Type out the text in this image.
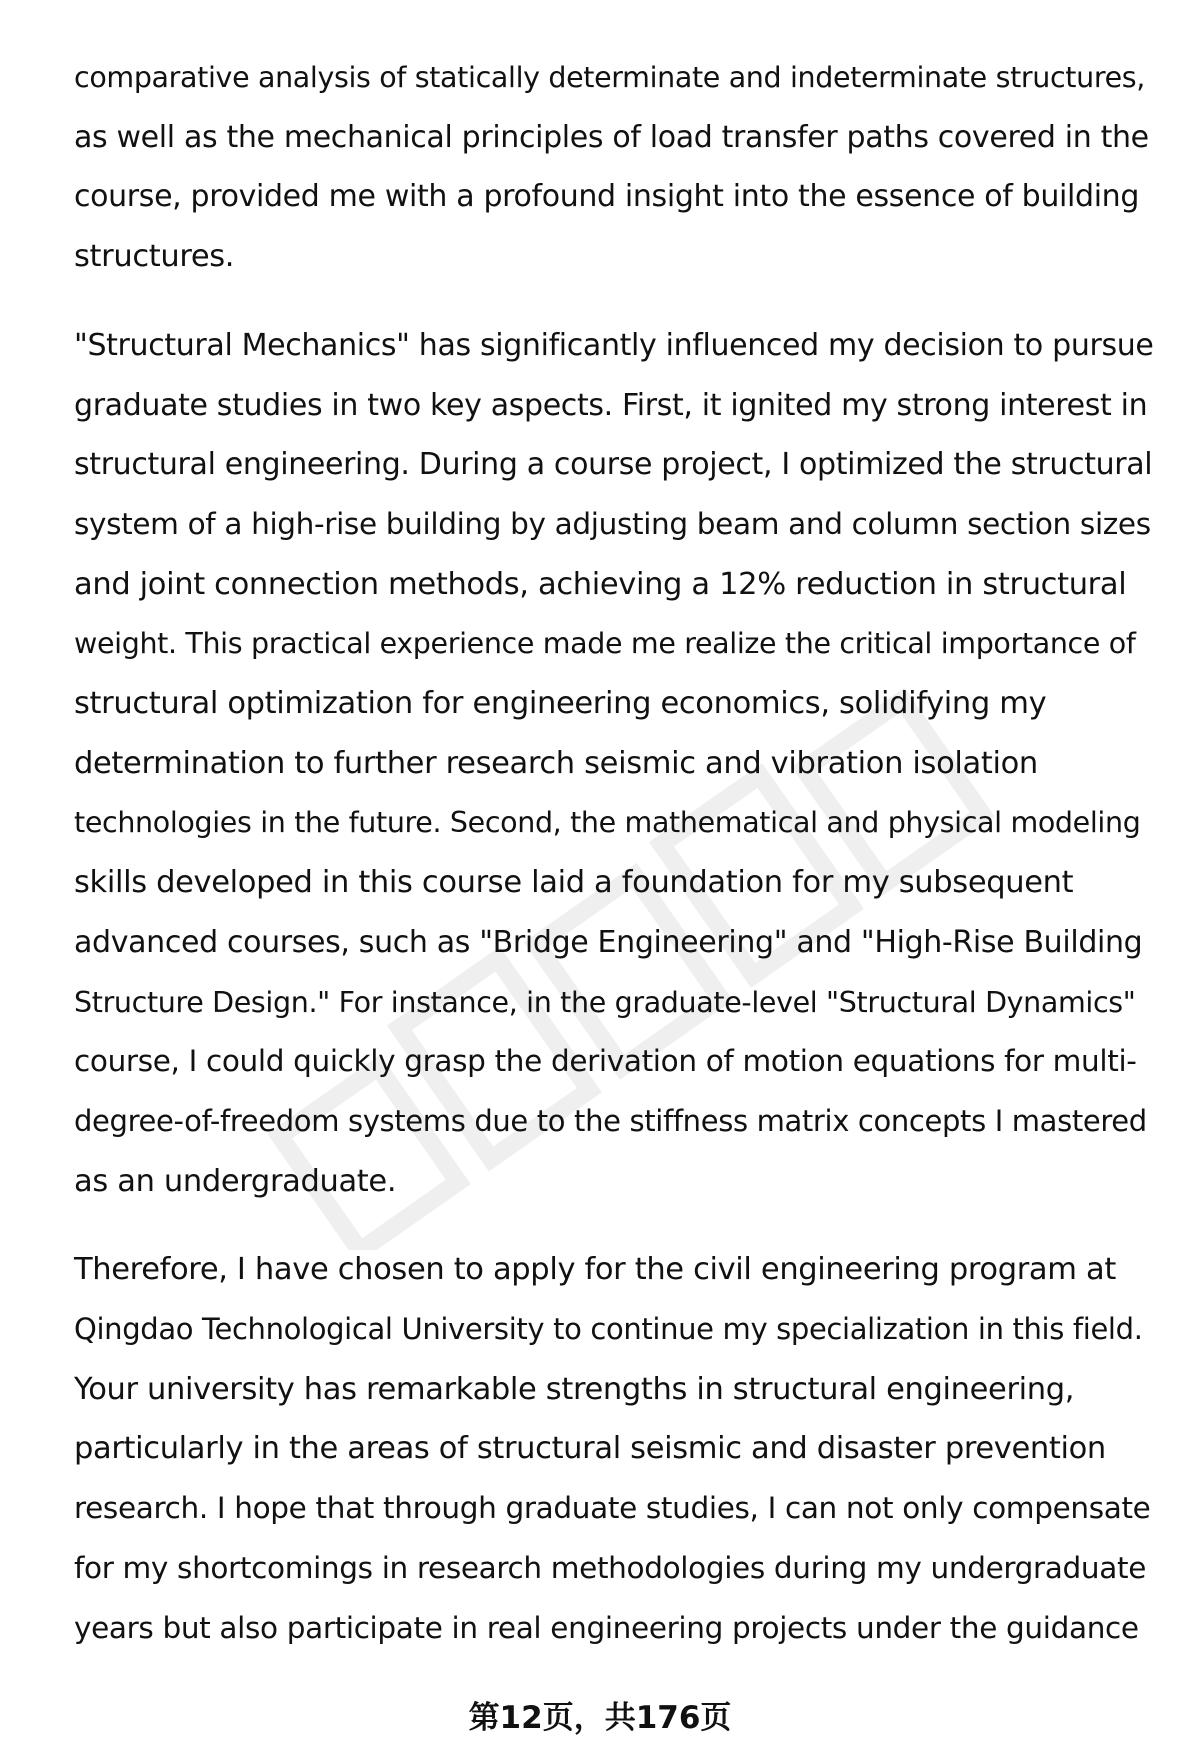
comparative analysis of statically determinate and indeterminate structures,
as well as the mechanical principles of load transfer paths covered in the
course, provided me with a profound insight into the essence of building
structures.

"Structural Mechanics" has significantly influenced my decision to pursue
graduate studies in two key aspects. First, it ignited my strong interest in
structural engineering. During a course project, I optimized the structural
system of a high-rise building by adjusting beam and column section sizes
and joint connection methods, achieving a 12% reduction in structural
weight. This practical experience made me realize the critical importance of
structural optimization for engineering economics, solidifying my
determination to further research seismic and vibration isolation
technologies in the future. Second, the mathematical and physical modeling
skills developed in this course laid a foundation for my subsequent
advanced courses, such as "Bridge Engineering" and "High-Rise Building
Structure Design." For instance, in the graduate-level "Structural Dynamics"
course, I could quickly grasp the derivation of motion equations for multi-
degree-of-freedom systems due to the stiffness matrix concepts I mastered
as an undergraduate.

Therefore, I have chosen to apply for the civil engineering program at
Qingdao Technological University to continue my specialization in this field.
Your university has remarkable strengths in structural engineering,
particularly in the areas of structural seismic and disaster prevention
research. I hope that through graduate studies, I can not only compensate
for my shortcomings in research methodologies during my undergraduate
years but also participate in real engineering projects under the guidance

第12页，共176页
